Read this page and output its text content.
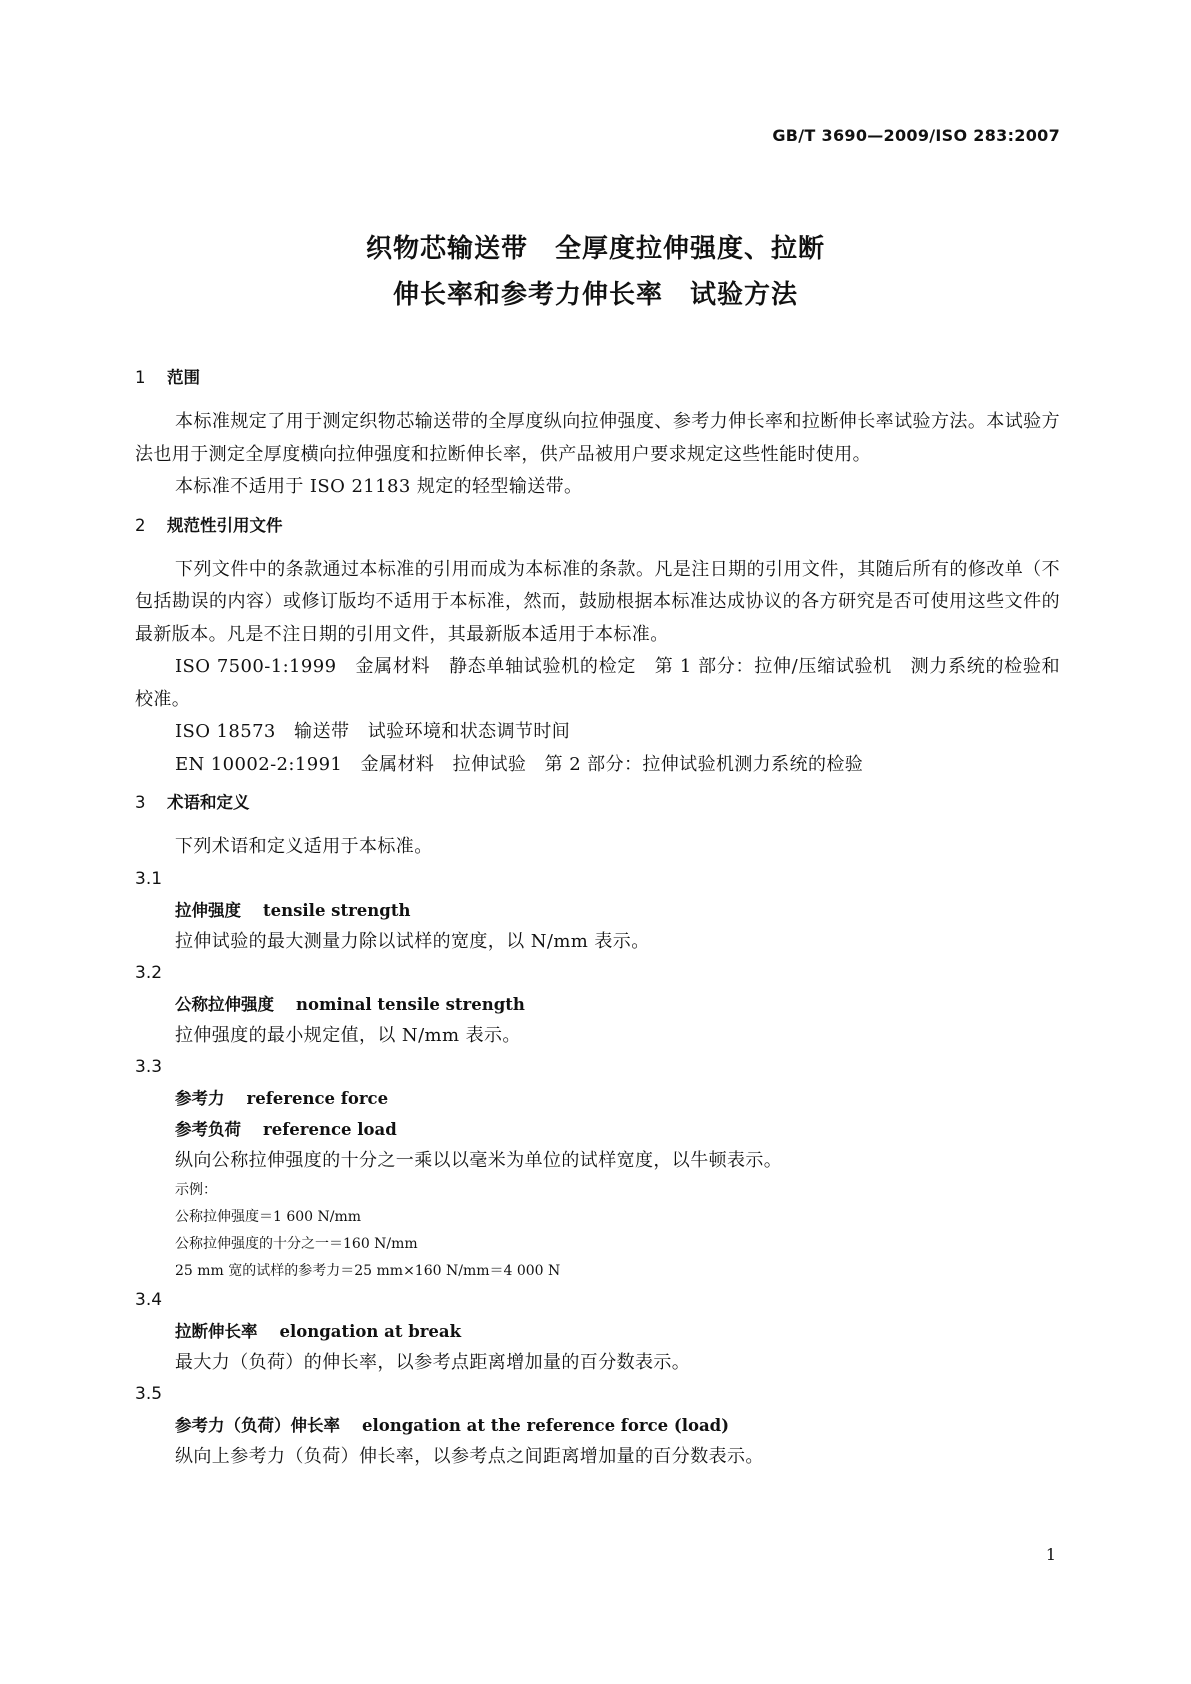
GB/T 3690—2009/ISO 283:2007
织物芯输送带　全厚度拉伸强度、拉断
伸长率和参考力伸长率　试验方法
1 范围
本标准规定了用于测定织物芯输送带的全厚度纵向拉伸强度、参考力伸长率和拉断伸长率试验方法。本试验方法也用于测定全厚度横向拉伸强度和拉断伸长率，供产品被用户要求规定这些性能时使用。
本标准不适用于 ISO 21183 规定的轻型输送带。
2 规范性引用文件
下列文件中的条款通过本标准的引用而成为本标准的条款。凡是注日期的引用文件，其随后所有的修改单（不包括勘误的内容）或修订版均不适用于本标准，然而，鼓励根据本标准达成协议的各方研究是否可使用这些文件的最新版本。凡是不注日期的引用文件，其最新版本适用于本标准。
ISO 7500-1:1999　金属材料　静态单轴试验机的检定　第 1 部分：拉伸/压缩试验机　测力系统的检验和校准。
ISO 18573　输送带　试验环境和状态调节时间
EN 10002-2:1991　金属材料　拉伸试验　第 2 部分：拉伸试验机测力系统的检验
3 术语和定义
下列术语和定义适用于本标准。
3.1
拉伸强度 tensile strength
拉伸试验的最大测量力除以试样的宽度，以 N/mm 表示。
3.2
公称拉伸强度 nominal tensile strength
拉伸强度的最小规定值，以 N/mm 表示。
3.3
参考力 reference force
参考负荷 reference load
纵向公称拉伸强度的十分之一乘以以毫米为单位的试样宽度，以牛顿表示。
示例：
公称拉伸强度＝1 600 N/mm
公称拉伸强度的十分之一＝160 N/mm
25 mm 宽的试样的参考力＝25 mm×160 N/mm＝4 000 N
3.4
拉断伸长率 elongation at break
最大力（负荷）的伸长率，以参考点距离增加量的百分数表示。
3.5
参考力（负荷）伸长率 elongation at the reference force (load)
纵向上参考力（负荷）伸长率，以参考点之间距离增加量的百分数表示。
1
